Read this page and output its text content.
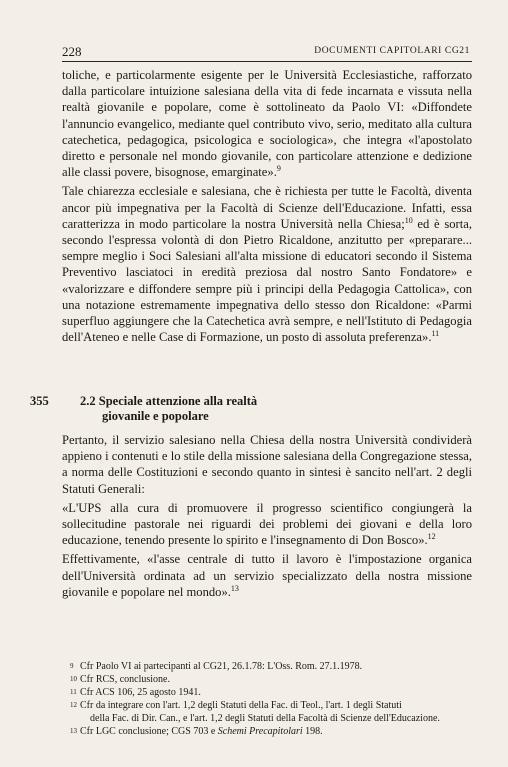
228	DOCUMENTI CAPITOLARI CG21

toliche, e particolarmente esigente per le Università Ecclesiastiche, rafforzato dalla particolare intuizione salesiana della vita di fede incarnata e vissuta nella realtà giovanile e popolare, come è sottolineato da Paolo VI: «Diffondete l'annuncio evangelico, mediante quel contributo vivo, serio, meditato alla cultura catechetica, pedagogica, psicologica e sociologica», che integra «l'apostolato diretto e personale nel mondo giovanile, con particolare attenzione e dedizione alle classi povere, bisognose, emarginate».$^9$

Tale chiarezza ecclesiale e salesiana, che è richiesta per tutte le Facoltà, diventa ancor più impegnativa per la Facoltà di Scienze dell'Educazione. Infatti, essa caratterizza in modo particolare la nostra Università nella Chiesa;$^{10}$ ed è sorta, secondo l'espressa volontà di don Pietro Ricaldone, anzitutto per «preparare... sempre meglio i Soci Salesiani all'alta missione di educatori secondo il Sistema Preventivo lasciatoci in eredità preziosa dal nostro Santo Fondatore» e «valorizzare e diffondere sempre più i principi della Pedagogia Cattolica», con una notazione estremamente impegnativa dello stesso don Ricaldone: «Parmi superfluo aggiungere che la Catechetica avrà sempre, e nell'Istituto di Pedagogia dell'Ateneo e nelle Case di Formazione, un posto di assoluta preferenza».$^{11}$

355	2.2 Speciale attenzione alla realtà
giovanile e popolare

Pertanto, il servizio salesiano nella Chiesa della nostra Università condividerà appieno i contenuti e lo stile della missione salesiana della Congregazione stessa, a norma delle Costituzioni e secondo quanto in sintesi è sancito nell'art. 2 degli Statuti Generali:

«L'UPS alla cura di promuovere il progresso scientifico congiungerà la sollecitudine pastorale nei riguardi dei problemi dei giovani e della loro educazione, tenendo presente lo spirito e l'insegnamento di Don Bosco».$^{12}$

Effettivamente, «l'asse centrale di tutto il lavoro è l'impostazione organica dell'Università ordinata ad un servizio specializzato della nostra missione giovanile e popolare nel mondo».$^{13}$

9 Cfr Paolo VI ai partecipanti al CG21, 26.1.78: L'Oss. Rom. 27.1.1978.
10 Cfr RCS, conclusione.
11 Cfr ACS 106, 25 agosto 1941.
12 Cfr da integrare con l'art. 1,2 degli Statuti della Fac. di Teol., l'art. 1 degli Statuti
della Fac. di Dir. Can., e l'art. 1,2 degli Statuti della Facoltà di Scienze dell'Educazione.
13 Cfr LGC conclusione; CGS 703 e Schemi Precapitolari 198.
